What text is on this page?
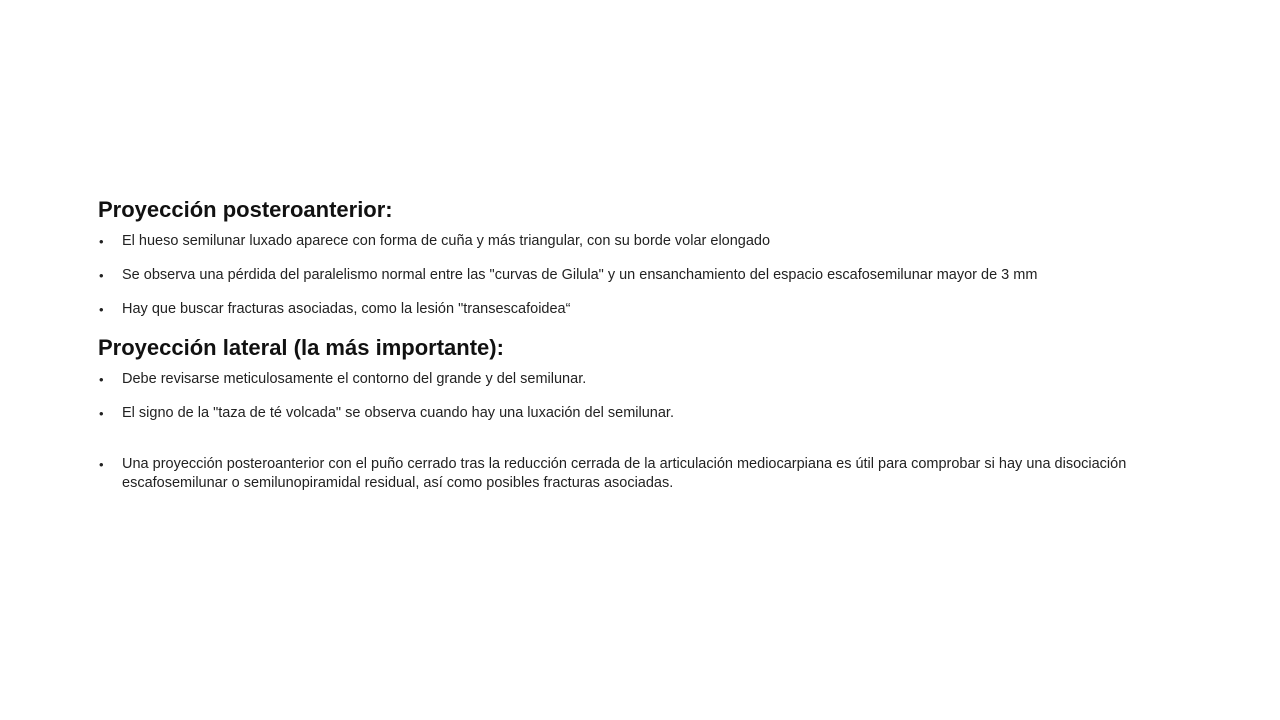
Proyección posteroanterior:
• El hueso semilunar luxado aparece con forma de cuña y más triangular, con su borde volar elongado
• Se observa una pérdida del paralelismo normal entre las "curvas de Gilula" y un ensanchamiento del espacio escafosemilunar mayor de 3 mm
• Hay que buscar fracturas asociadas, como la lesión "transescafoidea“
Proyección lateral (la más importante):
• Debe revisarse meticulosamente el contorno del grande y del semilunar.
• El signo de la "taza de té volcada" se observa cuando hay una luxación del semilunar.
• Una proyección posteroanterior con el puño cerrado tras la reducción cerrada de la articulación mediocarpiana es útil para comprobar si hay una disociación escafosemilunar o semilunopiramidal residual, así como posibles fracturas asociadas.
